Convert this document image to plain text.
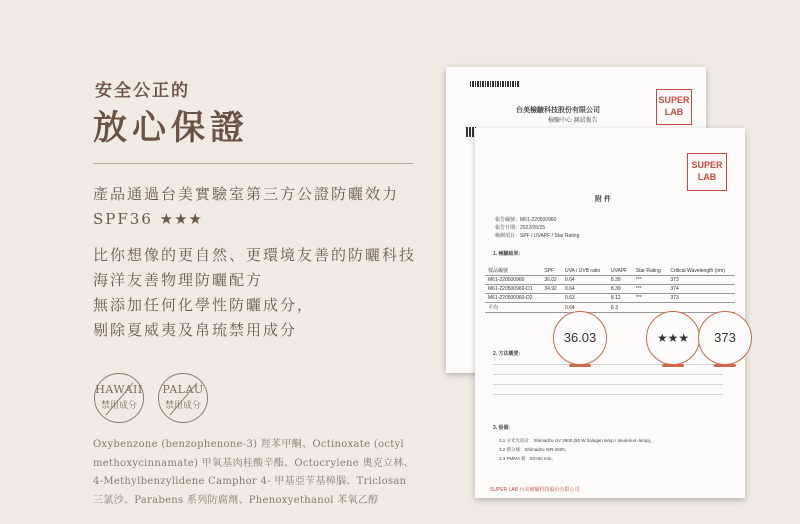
安全公正的
放心保證
產品通過台美實驗室第三方公證防曬效力
SPF36 ★★★
比你想像的更自然、更環境友善的防曬科技
海洋友善物理防曬配方
無添加任何化學性防曬成分，
剔除夏威夷及帛琉禁用成分
HAWAII
禁用成分
PALAU
禁用成分
Oxybenzone (benzophenone-3) 羥苯甲酮、Octinoxate (octyl
methoxycinnamate) 甲氧基肉桂酸辛酯、Octocrylene 奧克立林、
4-Methylbenzylidene Camphor 4- 甲基亞苄基樟腦、Triclosan
三氯沙、Parabens 系列防腐劑、Phenoxyethanol 苯氧乙醇
台美檢驗科技股份有限公司
檢驗中心 測試報告
SUPER
LAB
SUPER
LAB
附 件
報告編號：M61-220500960
報告日期：2022/05/25
檢測項目：SPF / UVAPF / Star Rating
1. 檢驗結果：
樣品編號	SPF	UVA / UVB ratio	UVAPF	Star Rating	Critical Wavelength (nm)
M61-220500960	36.02	0.64	8.39	***	373
M61-220500960-D1	34.92	0.64	8.39	***	374
M61-220500960-D2		0.63	8.12	***	373
平均		0.64	8.3		
2. 方法概要：
3. 設備：
3.1 分光光度計：Shimadzu UV 2600 (50 W halogen lamp / deuterium lamp)。
3.2 積分球：Shimadzu ISR-2600。
3.3 PMMA 板：50×50 mm。
SUPER LAB 台美檢驗科技股份有限公司
36.03	★★★	373
